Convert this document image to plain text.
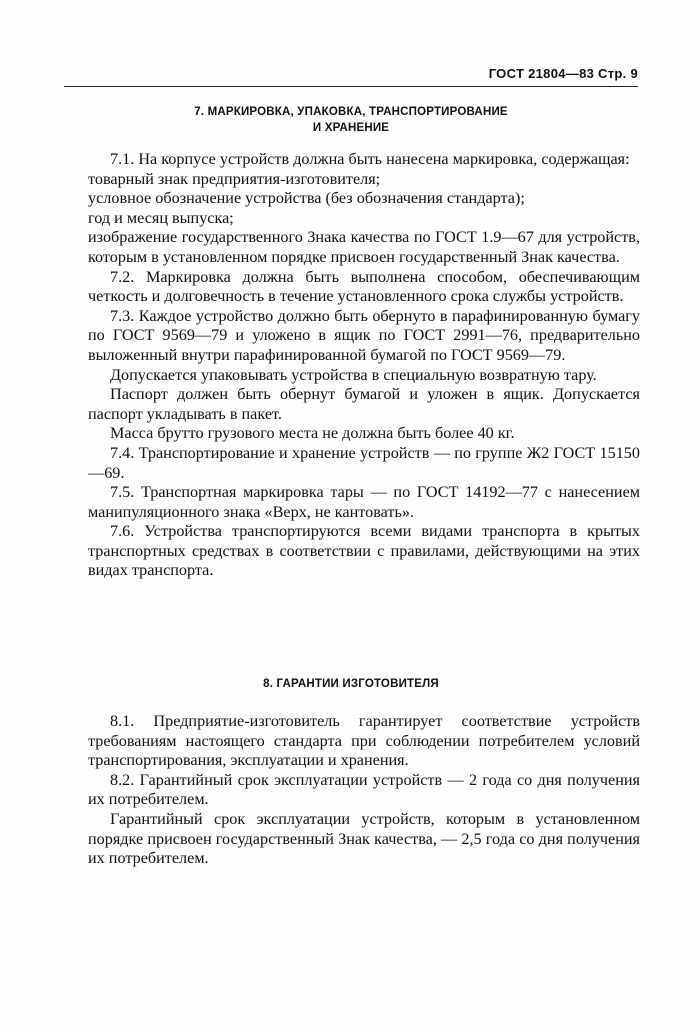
ГОСТ 21804—83 Стр. 9
7. МАРКИРОВКА, УПАКОВКА, ТРАНСПОРТИРОВАНИЕ
И ХРАНЕНИЕ

7.1. На корпусе устройств должна быть нанесена маркировка, содержащая:

товарный знак предприятия-изготовителя;

условное обозначение устройства (без обозначения стандарта);

год и месяц выпуска;

изображение государственного Знака качества по ГОСТ 1.9—67 для устройств, которым в установленном порядке присвоен государственный Знак качества.

7.2. Маркировка должна быть выполнена способом, обеспечивающим четкость и долговечность в течение установленного срока службы устройств.

7.3. Каждое устройство должно быть обернуто в парафинированную бумагу по ГОСТ 9569—79 и уложено в ящик по ГОСТ 2991—76, предварительно выложенный внутри парафинированной бумагой по ГОСТ 9569—79.

Допускается упаковывать устройства в специальную возвратную тару.

Паспорт должен быть обернут бумагой и уложен в ящик. Допускается паспорт укладывать в пакет.

Масса брутто грузового места не должна быть более 40 кг.

7.4. Транспортирование и хранение устройств — по группе Ж2 ГОСТ 15150—69.

7.5. Транспортная маркировка тары — по ГОСТ 14192—77 с нанесением манипуляционного знака «Верх, не кантовать».

7.6. Устройства транспортируются всеми видами транспорта в крытых транспортных средствах в соответствии с правилами, действующими на этих видах транспорта.

8. ГАРАНТИИ ИЗГОТОВИТЕЛЯ

8.1. Предприятие-изготовитель гарантирует соответствие устройств требованиям настоящего стандарта при соблюдении потребителем условий транспортирования, эксплуатации и хранения.

8.2. Гарантийный срок эксплуатации устройств — 2 года со дня получения их потребителем.

Гарантийный срок эксплуатации устройств, которым в установленном порядке присвоен государственный Знак качества, — 2,5 года со дня получения их потребителем.
